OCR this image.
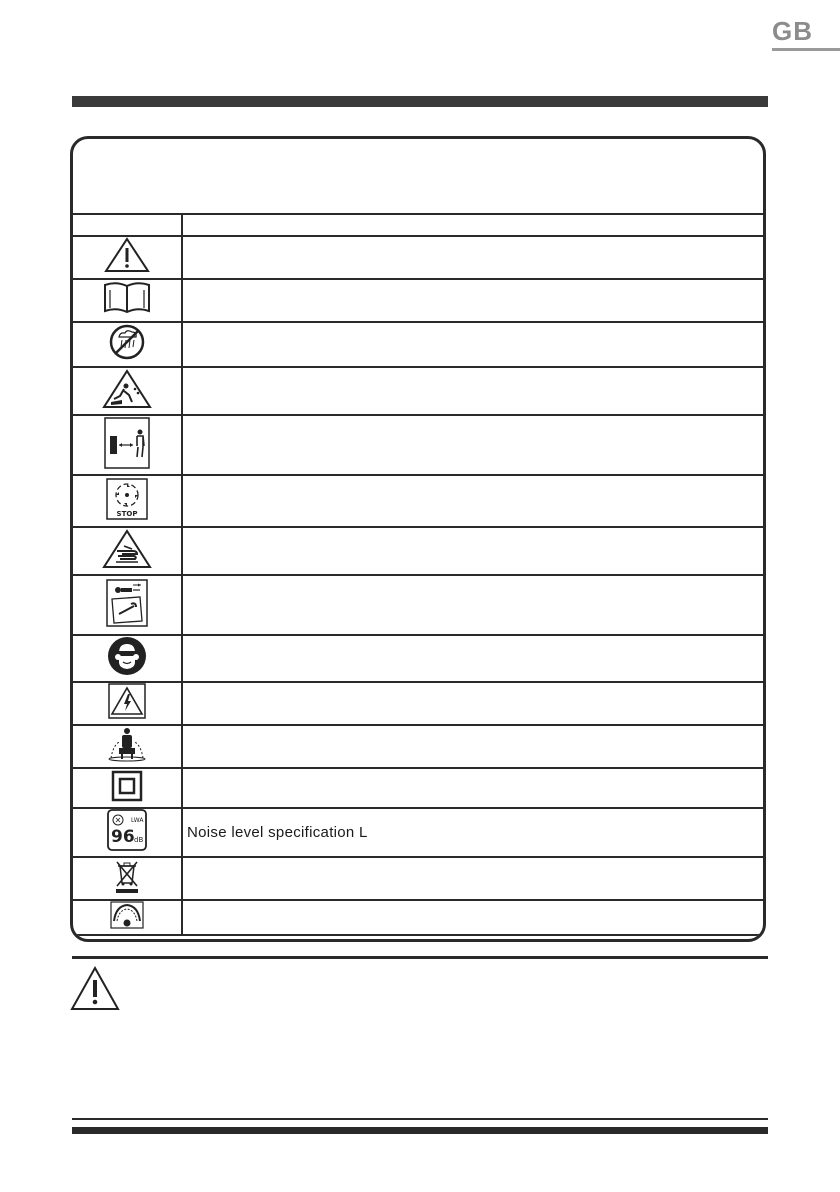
GB

STOP	

LWA
96 dB	Noise level specification L
